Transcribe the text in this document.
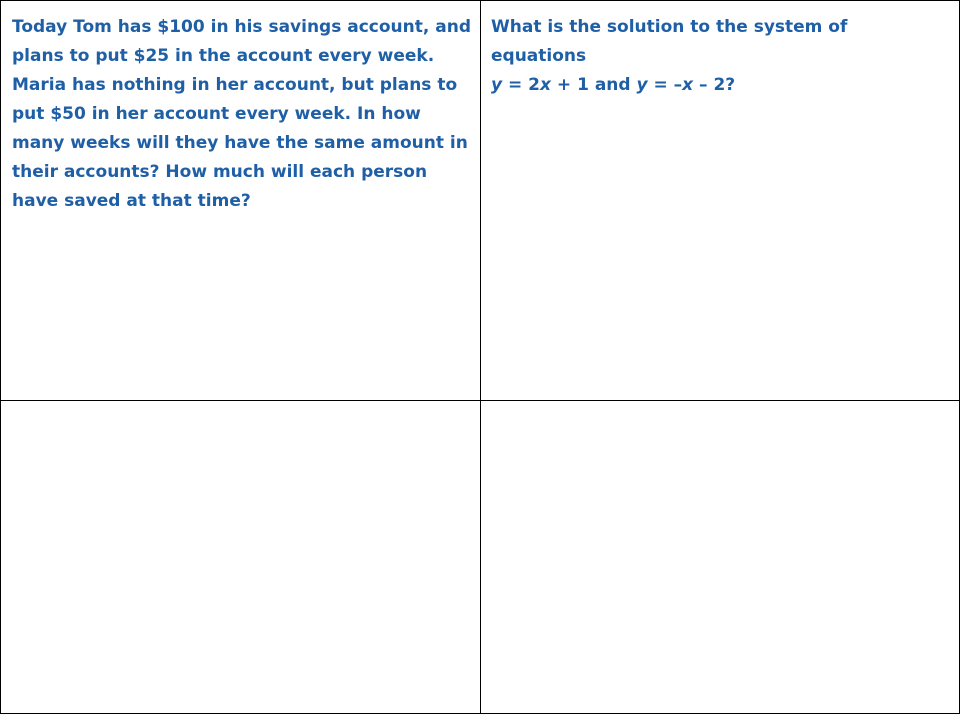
Today Tom has $100 in his savings account, and plans to put $25 in the account every week. Maria has nothing in her account, but plans to put $50 in her account every week. In how many weeks will they have the same amount in their accounts? How much will each person have saved at that time?
What is the solution to the system of equations
y = 2x + 1 and y = –x – 2?
